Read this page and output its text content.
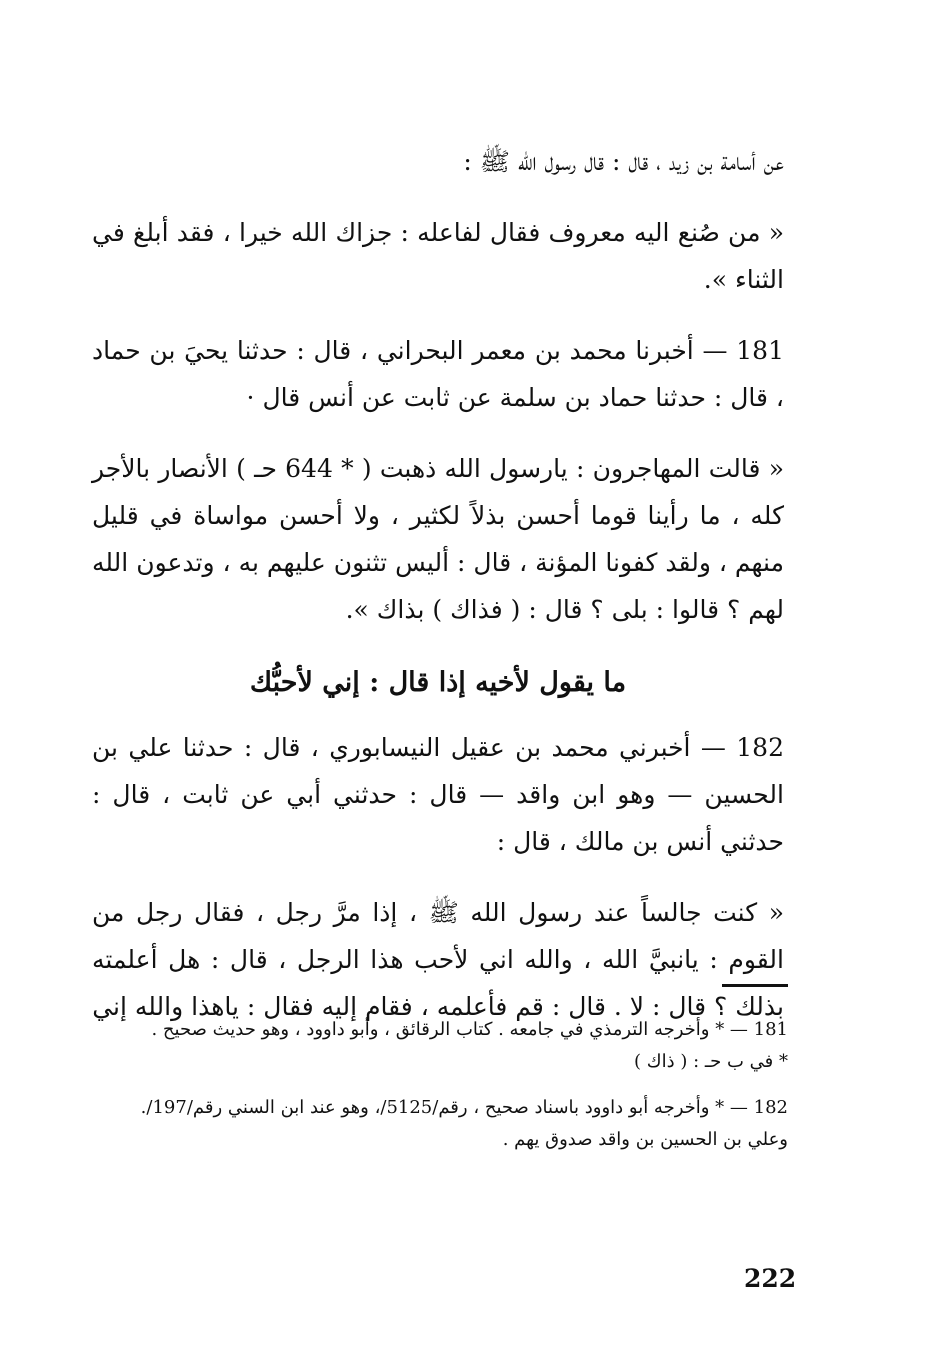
عن أسامة بن زيد ، قال : قال رسول الله ﷺ :

« من صُنع اليه معروف فقال لفاعله : جزاك الله خيرا ، فقد أبلغ في الثناء ».

181 — أخبرنا محمد بن معمر البحراني ، قال : حدثنا يحيَ بن حماد ، قال : حدثنا حماد بن سلمة عن ثابت عن أنس قال ·

« قالت المهاجرون : يارسول الله ذهبت ( * 644 حـ ) الأنصار بالأجر كله ، ما رأينا قوما أحسن بذلاً لكثير ، ولا أحسن مواساة في قليل منهم ، ولقد كفونا المؤنة ، قال : أليس تثنون عليهم به ، وتدعون الله لهم ؟ قالوا : بلى ؟ قال : ( فذاك ) بذاك ».

ما يقول لأخيه إذا قال : إني لأحبُّك

182 — أخبرني محمد بن عقيل النيسابوري ، قال : حدثنا علي بن الحسين — وهو ابن واقد — قال : حدثني أبي عن ثابت ، قال : حدثني أنس بن مالك ، قال :

« كنت جالساً عند رسول الله ﷺ ، إذا مرَّ رجل ، فقال رجل من القوم : يانبيَّ الله ، والله اني لأحب هذا الرجل ، قال : هل أعلمته بذلك ؟ قال : لا . قال : قم فأعلمه ، فقام إليه فقال : ياهذا والله إني

181 — * وأخرجه الترمذي في جامعه . كتاب الرقائق ، وأبو داوود ، وهو حديث صحيح .

* في ب حـ : ( ذاك )

182 — * وأخرجه أبو داوود باسناد صحيح ، رقم/5125/، وهو عند ابن السني رقم/197/.

وعلي بن الحسين بن واقد صدوق يهم .

222
